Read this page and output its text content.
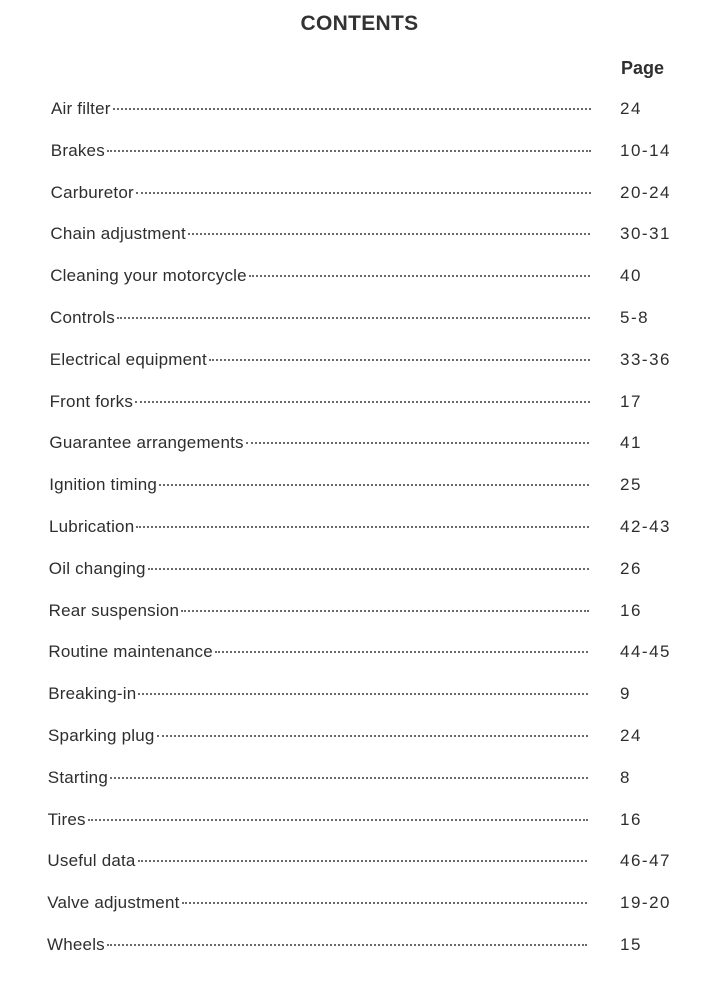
CONTENTS
Page
Air filter	24
Brakes	10-14
Carburetor	20-24
Chain adjustment	30-31
Cleaning your motorcycle	40
Controls	5-8
Electrical equipment	33-36
Front forks	17
Guarantee arrangements	41
Ignition timing	25
Lubrication	42-43
Oil changing	26
Rear suspension	16
Routine maintenance	44-45
Breaking-in	9
Sparking plug	24
Starting	8
Tires	16
Useful data	46-47
Valve adjustment	19-20
Wheels	15
